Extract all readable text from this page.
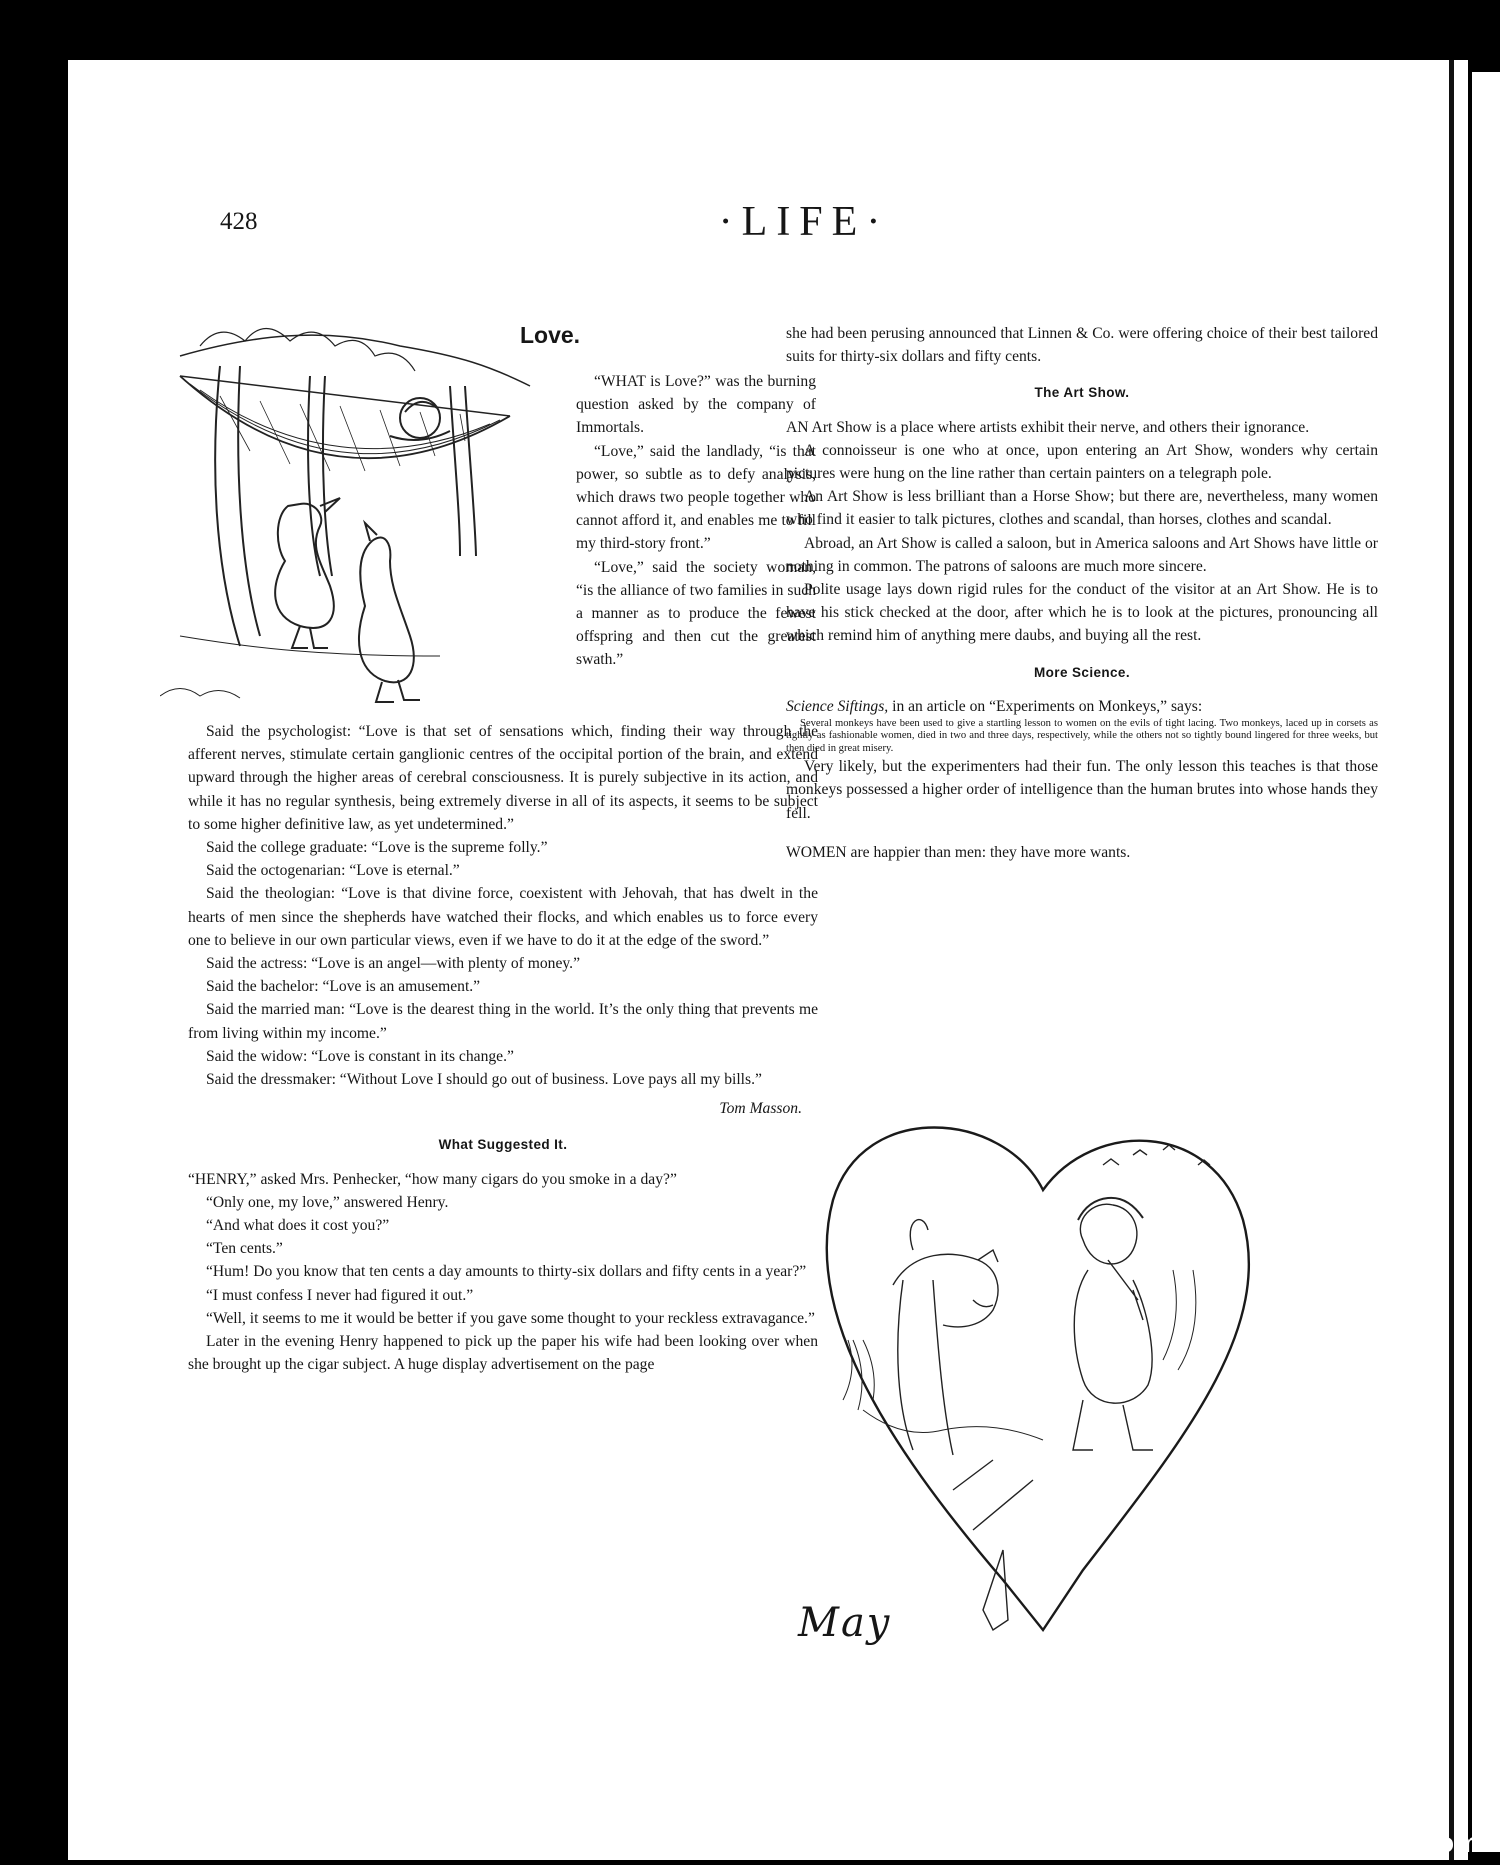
428	·LIFE·
Love.

“WHAT is Love?” was the burning question asked by the company of Immortals.

“Love,” said the landlady, “is that power, so subtle as to defy analysis, which draws two people together who cannot afford it, and enables me to fill my third-story front.”

“Love,” said the society woman, “is the alliance of two families in such a manner as to produce the fewest offspring and then cut the greatest swath.”

Said the psychologist: “Love is that set of sensations which, finding their way through the afferent nerves, stimulate certain ganglionic centres of the occipital portion of the brain, and extend upward through the higher areas of cerebral consciousness. It is purely subjective in its action, and while it has no regular synthesis, being extremely diverse in all of its aspects, it seems to be subject to some higher definitive law, as yet undetermined.”

Said the college graduate: “Love is the supreme folly.”

Said the octogenarian: “Love is eternal.”

Said the theologian: “Love is that divine force, coexistent with Jehovah, that has dwelt in the hearts of men since the shepherds have watched their flocks, and which enables us to force every one to believe in our own particular views, even if we have to do it at the edge of the sword.”

Said the actress: “Love is an angel—with plenty of money.”

Said the bachelor: “Love is an amusement.”

Said the married man: “Love is the dearest thing in the world. It’s the only thing that prevents me from living within my income.”

Said the widow: “Love is constant in its change.”

Said the dressmaker: “Without Love I should go out of business. Love pays all my bills.”

Tom Masson.
What Suggested It.

“HENRY,” asked Mrs. Penhecker, “how many cigars do you smoke in a day?”

“Only one, my love,” answered Henry.

“And what does it cost you?”

“Ten cents.”

“Hum! Do you know that ten cents a day amounts to thirty-six dollars and fifty cents in a year?”

“I must confess I never had figured it out.”

“Well, it seems to me it would be better if you gave some thought to your reckless extravagance.”

Later in the evening Henry happened to pick up the paper his wife had been looking over when she brought up the cigar subject. A huge display advertisement on the page

she had been perusing announced that Linnen & Co. were offering choice of their best tailored suits for thirty-six dollars and fifty cents.

The Art Show.

AN Art Show is a place where artists exhibit their nerve, and others their ignorance.

A connoisseur is one who at once, upon entering an Art Show, wonders why certain pictures were hung on the line rather than certain painters on a telegraph pole.

An Art Show is less brilliant than a Horse Show; but there are, nevertheless, many women who find it easier to talk pictures, clothes and scandal, than horses, clothes and scandal.

Abroad, an Art Show is called a saloon, but in America saloons and Art Shows have little or nothing in common. The patrons of saloons are much more sincere.

Polite usage lays down rigid rules for the conduct of the visitor at an Art Show. He is to have his stick checked at the door, after which he is to look at the pictures, pronouncing all which remind him of anything mere daubs, and buying all the rest.

More Science.

Science Siftings, in an article on “Experiments on Monkeys,” says:

Several monkeys have been used to give a startling lesson to women on the evils of tight lacing. Two monkeys, laced up in corsets as tightly as fashionable women, died in two and three days, respectively, while the others not so tightly bound lingered for three weeks, but then died in great misery.

Very likely, but the experimenters had their fun. The only lesson this teaches is that those monkeys possessed a higher order of intelligence than the human brutes into whose hands they fell.

WOMEN are happier than men: they have more wants.

May
comicbooks.com
